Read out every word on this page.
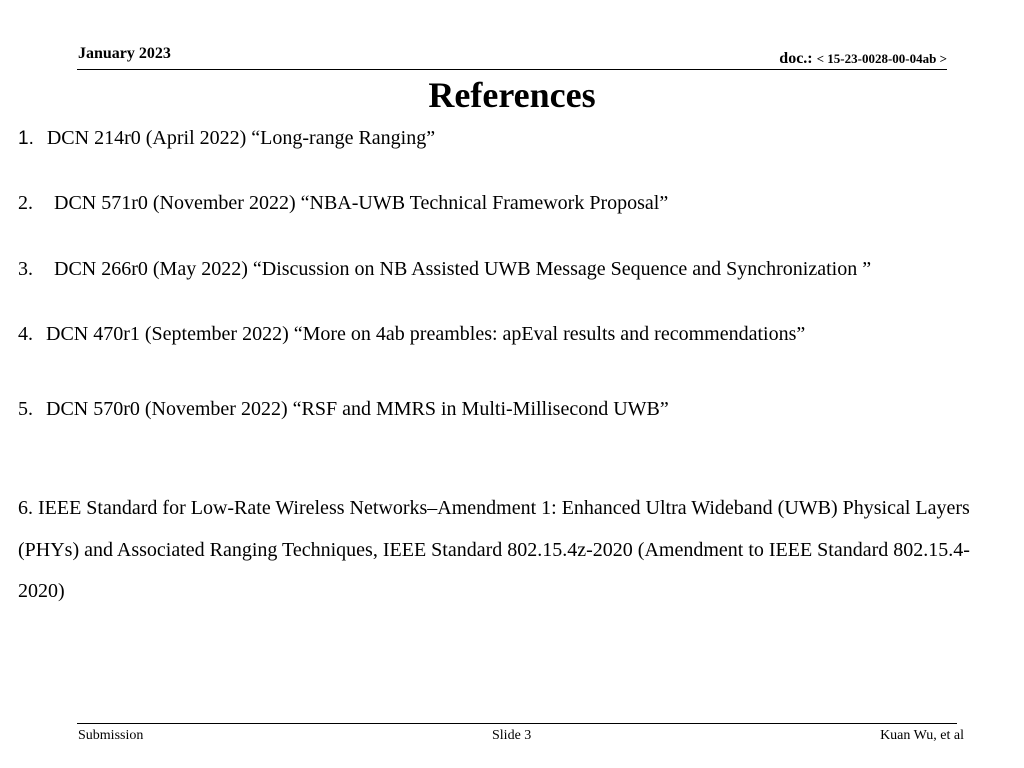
January 2023	doc.: < 15-23-0028-00-04ab >
References
1. DCN 214r0 (April 2022) “Long-range Ranging”
2. DCN 571r0 (November 2022) “NBA-UWB Technical Framework Proposal”
3. DCN 266r0 (May 2022) “Discussion on NB Assisted UWB Message Sequence and Synchronization ”
4. DCN 470r1 (September 2022) “More on 4ab preambles: apEval results and recommendations”
5. DCN 570r0 (November 2022) “RSF and MMRS in Multi-Millisecond UWB”
6. IEEE Standard for Low-Rate Wireless Networks–Amendment 1: Enhanced Ultra Wideband (UWB) Physical Layers (PHYs) and Associated Ranging Techniques, IEEE Standard 802.15.4z-2020 (Amendment to IEEE Standard 802.15.4-2020)
Submission	Slide 3	Kuan Wu, et al
